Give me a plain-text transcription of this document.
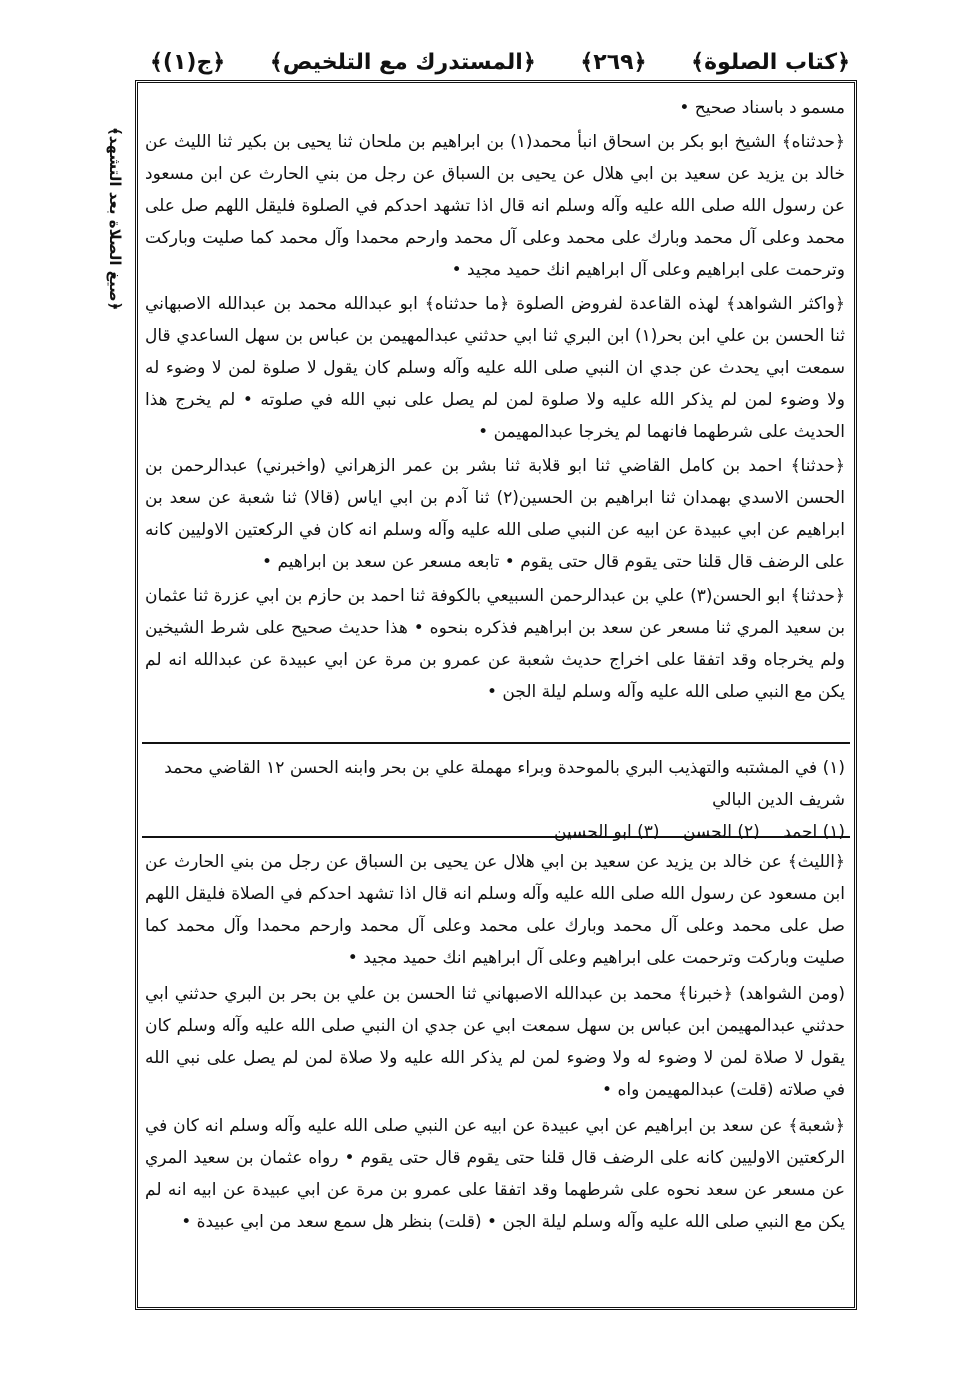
﴿ج(١)﴾ ﴿المستدرك مع التلخيص﴾ ﴿٢٦٩﴾ ﴿كتاب الصلوة﴾
﴿صيغ الصلاة بعد التشهد﴾

مسمو د باسناد صحيح •

﴿حدثناه﴾ الشيخ ابو بكر بن اسحاق انبأ محمد(١) بن ابراهيم بن ملحان ثنا يحيى بن بكير ثنا الليث عن خالد بن يزيد عن سعيد بن ابي هلال عن يحيى بن السباق عن رجل من بني الحارث عن ابن مسعود عن رسول الله صلى الله عليه وآله وسلم انه قال اذا تشهد احدكم في الصلوة فليقل اللهم صل على محمد وعلى آل محمد وبارك على محمد وعلى آل محمد وارحم محمدا وآل محمد كما صليت وباركت وترحمت على ابراهيم وعلى آل ابراهيم انك حميد مجيد •

﴿واكثر الشواهد﴾ لهذه القاعدة لفروض الصلوة ﴿ما حدثناه﴾ ابو عبدالله محمد بن عبدالله الاصبهاني ثنا الحسن بن علي ابن بحر(١) ابن البري ثنا ابي حدثني عبدالمهيمن بن عباس بن سهل الساعدي قال سمعت ابي يحدث عن جدي ان النبي صلى الله عليه وآله وسلم كان يقول لا صلوة لمن لا وضوء له ولا وضوء لمن لم يذكر الله عليه ولا صلوة لمن لم يصل على نبي الله في صلوته • لم يخرج هذا الحديث على شرطهما فانهما لم يخرجا عبدالمهيمن •

﴿حدثنا﴾ احمد بن كامل القاضي ثنا ابو قلابة ثنا بشر بن عمر الزهراني (واخبرني) عبدالرحمن بن الحسن الاسدي بهمدان ثنا ابراهيم بن الحسين(٢) ثنا آدم بن ابي اياس (قالا) ثنا شعبة عن سعد بن ابراهيم عن ابي عبيدة عن ابيه عن النبي صلى الله عليه وآله وسلم انه كان في الركعتين الاوليين كانه على الرضف قال قلنا حتى يقوم قال حتى يقوم • تابعه مسعر عن سعد بن ابراهيم •

﴿حدثنا﴾ ابو الحسن(٣) علي بن عبدالرحمن السبيعي بالكوفة ثنا احمد بن حازم بن ابي عزرة ثنا عثمان بن سعيد المري ثنا مسعر عن سعد بن ابراهيم فذكره بنحوه • هذا حديث صحيح على شرط الشيخين ولم يخرجاه وقد اتفقا على اخراج حديث شعبة عن عمرو بن مرة عن ابي عبيدة عن عبدالله انه لم يكن مع النبي صلى الله عليه وآله وسلم ليلة الجن •

(١) في المشتبه والتهذيب البري بالموحدة وبراء مهملة علي بن بحر وابنه الحسن ١٢ القاضي محمد شريف الدين البالي

(١) احمد (٢) الحسن (٣) ابو الحسين

﴿الليث﴾ عن خالد بن يزيد عن سعيد بن ابي هلال عن يحيى بن السباق عن رجل من بني الحارث عن ابن مسعود عن رسول الله صلى الله عليه وآله وسلم انه قال اذا تشهد احدكم في الصلاة فليقل اللهم صل على محمد وعلى آل محمد وبارك على محمد وعلى آل محمد وارحم محمدا وآل محمد كما صليت وباركت وترحمت على ابراهيم وعلى آل ابراهيم انك حميد مجيد •

(ومن الشواهد) ﴿خبرنا﴾ محمد بن عبدالله الاصبهاني ثنا الحسن بن علي بن بحر بن البري حدثني ابي حدثني عبدالمهيمن ابن عباس بن سهل سمعت ابي عن جدي ان النبي صلى الله عليه وآله وسلم كان يقول لا صلاة لمن لا وضوء له ولا وضوء لمن لم يذكر الله عليه ولا صلاة لمن لم يصل على نبي الله في صلاته (قلت) عبدالمهيمن واه •

﴿شعبة﴾ عن سعد بن ابراهيم عن ابي عبيدة عن ابيه عن النبي صلى الله عليه وآله وسلم انه كان في الركعتين الاوليين كانه على الرضف قال قلنا حتى يقوم قال حتى يقوم • رواه عثمان بن سعيد المري عن مسعر عن سعد نحوه على شرطهما وقد اتفقا على عمرو بن مرة عن ابي عبيدة عن ابيه انه لم يكن مع النبي صلى الله عليه وآله وسلم ليلة الجن • (قلت) بنظر هل سمع سعد من ابي عبيدة •
